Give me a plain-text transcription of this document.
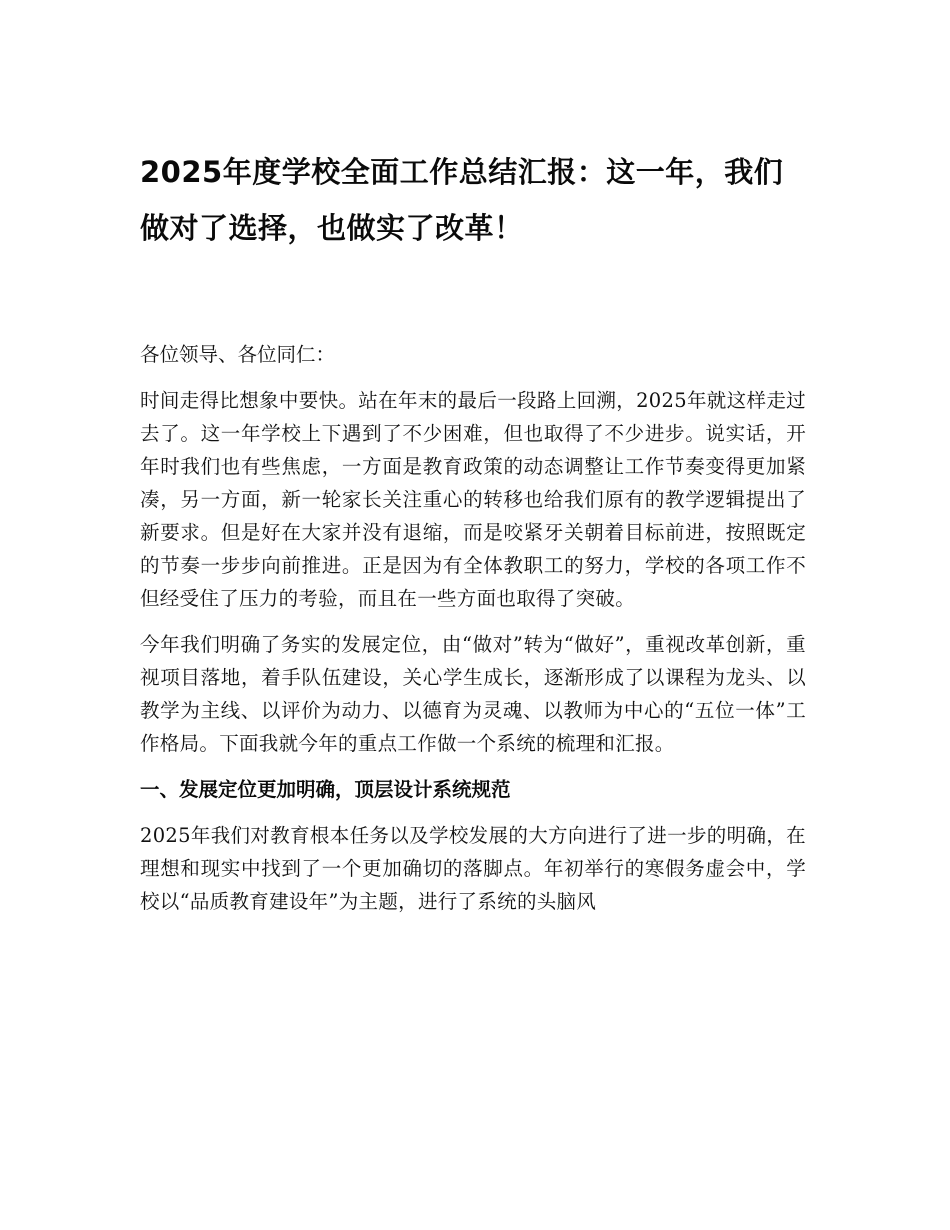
2025年度学校全面工作总结汇报：这一年，我们做对了选择，也做实了改革！

各位领导、各位同仁：

时间走得比想象中要快。站在年末的最后一段路上回溯，2025年就这样走过去了。这一年学校上下遇到了不少困难，但也取得了不少进步。说实话，开年时我们也有些焦虑，一方面是教育政策的动态调整让工作节奏变得更加紧凑，另一方面，新一轮家长关注重心的转移也给我们原有的教学逻辑提出了新要求。但是好在大家并没有退缩，而是咬紧牙关朝着目标前进，按照既定的节奏一步步向前推进。正是因为有全体教职工的努力，学校的各项工作不但经受住了压力的考验，而且在一些方面也取得了突破。

今年我们明确了务实的发展定位，由“做对”转为“做好”，重视改革创新，重视项目落地，着手队伍建设，关心学生成长，逐渐形成了以课程为龙头、以教学为主线、以评价为动力、以德育为灵魂、以教师为中心的“五位一体”工作格局。下面我就今年的重点工作做一个系统的梳理和汇报。

一、发展定位更加明确，顶层设计系统规范

2025年我们对教育根本任务以及学校发展的大方向进行了进一步的明确，在理想和现实中找到了一个更加确切的落脚点。年初举行的寒假务虚会中，学校以“品质教育建设年”为主题，进行了系统的头脑风
